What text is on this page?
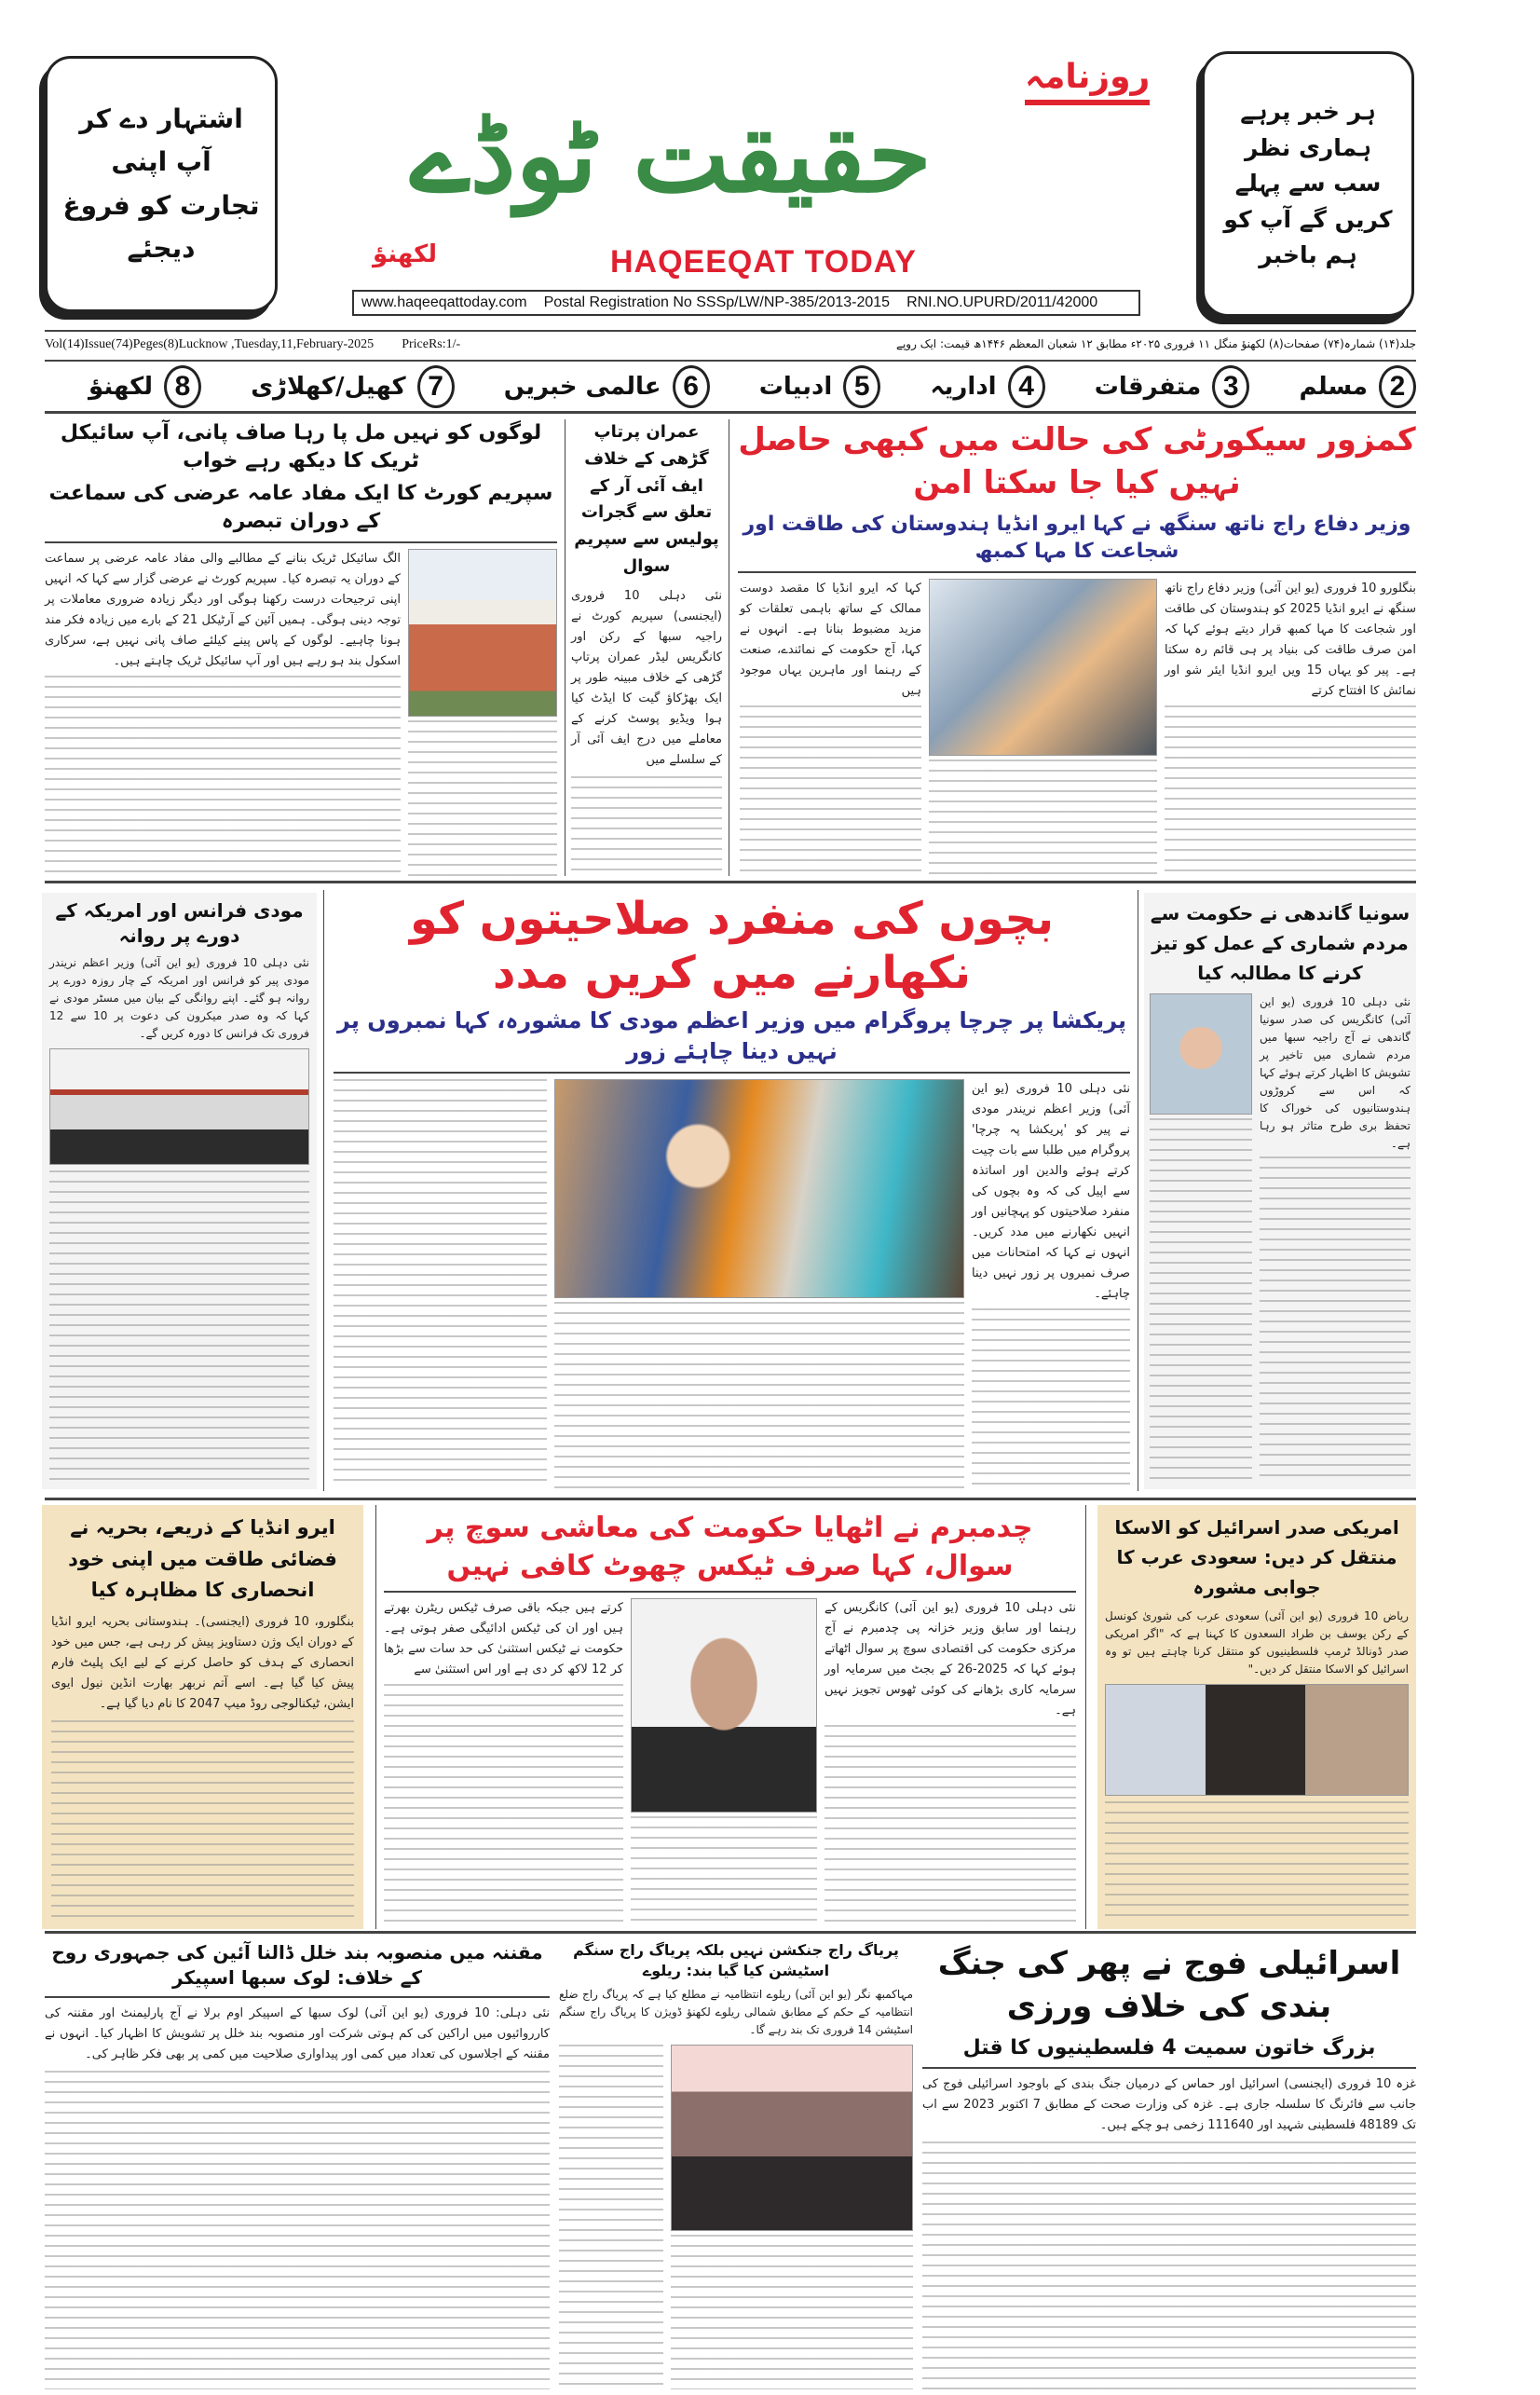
اشتہار دے کر
آپ اپنی
تجارت کو فروغ
دیجئے
روزنامہ
حقیقت ٹوڈے
لکھنؤ	HAQEEQAT TODAY
www.haqeeqattoday.com Postal Registration No SSSp/LW/NP-385/2013-2015 RNI.NO.UPURD/2011/42000
ہر خبر پرہے
ہماری نظر
سب سے پہلے
کریں گے آپ کو
ہم باخبر
Vol(14)Issue(74)Peges(8)Lucknow ,Tuesday,11,February-2025 PriceRs:1/-	جلد(۱۴) شمارہ(۷۴) صفحات(۸) لکھنؤ منگل ۱۱ فروری ۲۰۲۵ء مطابق ۱۲ شعبان المعظم ۱۴۴۶ھ قیمت: ایک روپے
2
مسلم
3
متفرقات
4
اداریہ
5
ادبیات
6
عالمی خبریں
7
کھیل/کھلاڑی
8
لکھنؤ
کمزور سیکورٹی کی حالت میں کبھی حاصل نہیں کیا جا سکتا امن
وزیر دفاع راج ناتھ سنگھ نے کہا ایرو انڈیا ہندوستان کی طاقت اور شجاعت کا مہا کمبھ
بنگلورو 10 فروری (یو این آئی) وزیر دفاع راج ناتھ سنگھ نے ایرو انڈیا 2025 کو ہندوستان کی طاقت اور شجاعت کا مہا کمبھ قرار دیتے ہوئے کہا کہ امن صرف طاقت کی بنیاد پر ہی قائم رہ سکتا ہے۔ پیر کو یہاں 15 ویں ایرو انڈیا ایئر شو اور نمائش کا افتتاح کرتے
کہا کہ ایرو انڈیا کا مقصد دوست ممالک کے ساتھ باہمی تعلقات کو مزید مضبوط بنانا ہے۔ انہوں نے کہا، آج حکومت کے نمائندے، صنعت کے رہنما اور ماہرین یہاں موجود ہیں
عمران پرتاپ گڑھی کے خلاف ایف آئی آر کے تعلق سے گجرات پولیس سے سپریم سوال
نئی دہلی 10 فروری (ایجنسی) سپریم کورٹ نے راجیہ سبھا کے رکن اور کانگریس لیڈر عمران پرتاپ گڑھی کے خلاف مبینہ طور پر ایک بھڑکاؤ گیت کا ایڈٹ کیا ہوا ویڈیو پوسٹ کرنے کے معاملے میں درج ایف آئی آر کے سلسلے میں
لوگوں کو نہیں مل پا رہا صاف پانی، آپ سائیکل ٹریک کا دیکھ رہے خواب
سپریم کورٹ کا ایک مفاد عامہ عرضی کی سماعت کے دوران تبصرہ
الگ سائیکل ٹریک بنانے کے مطالبے والی مفاد عامہ عرضی پر سماعت کے دوران یہ تبصرہ کیا۔ سپریم کورٹ نے عرضی گزار سے کہا کہ انہیں اپنی ترجیحات درست رکھنا ہوگی اور دیگر زیادہ ضروری معاملات پر توجہ دینی ہوگی۔ ہمیں آئین کے آرٹیکل 21 کے بارے میں زیادہ فکر مند ہونا چاہیے۔ لوگوں کے پاس پینے کیلئے صاف پانی نہیں ہے، سرکاری اسکول بند ہو رہے ہیں اور آپ سائیکل ٹریک چاہتے ہیں۔
مودی فرانس اور امریکہ کے دورے پر روانہ
نئی دہلی 10 فروری (یو این آئی) وزیر اعظم نریندر مودی پیر کو فرانس اور امریکہ کے چار روزہ دورے پر روانہ ہو گئے۔ اپنے روانگی کے بیان میں مسٹر مودی نے کہا کہ وہ صدر میکرون کی دعوت پر 10 سے 12 فروری تک فرانس کا دورہ کریں گے۔
بچوں کی منفرد صلاحیتوں کو نکھارنے میں کریں مدد
پریکشا پر چرچا پروگرام میں وزیر اعظم مودی کا مشورہ، کہا نمبروں پر نہیں دینا چاہئے زور
نئی دہلی 10 فروری (یو این آئی) وزیر اعظم نریندر مودی نے پیر کو 'پریکشا پہ چرچا' پروگرام میں طلبا سے بات چیت کرتے ہوئے والدین اور اساتذہ سے اپیل کی کہ وہ بچوں کی منفرد صلاحیتوں کو پہچانیں اور انہیں نکھارنے میں مدد کریں۔ انہوں نے کہا کہ امتحانات میں صرف نمبروں پر زور نہیں دینا چاہئے۔
سونیا گاندھی نے حکومت سے مردم شماری کے عمل کو تیز کرنے کا مطالبہ کیا
نئی دہلی 10 فروری (یو این آئی) کانگریس کی صدر سونیا گاندھی نے آج راجیہ سبھا میں مردم شماری میں تاخیر پر تشویش کا اظہار کرتے ہوئے کہا کہ اس سے کروڑوں ہندوستانیوں کی خوراک کا تحفظ بری طرح متاثر ہو رہا ہے۔
ایرو انڈیا کے ذریعے، بحریہ نے فضائی طاقت میں اپنی خود انحصاری کا مظاہرہ کیا
بنگلورو، 10 فروری (ایجنسی)۔ ہندوستانی بحریہ ایرو انڈیا کے دوران ایک وژن دستاویز پیش کر رہی ہے، جس میں خود انحصاری کے ہدف کو حاصل کرنے کے لیے ایک پلیٹ فارم پیش کیا گیا ہے۔ اسے آتم نربھر بھارت انڈین نیول ایوی ایشن، ٹیکنالوجی روڈ میپ 2047 کا نام دیا گیا ہے۔
چدمبرم نے اٹھایا حکومت کی معاشی سوچ پر سوال، کہا صرف ٹیکس چھوٹ کافی نہیں
نئی دہلی 10 فروری (یو این آئی) کانگریس کے رہنما اور سابق وزیر خزانہ پی چدمبرم نے آج مرکزی حکومت کی اقتصادی سوچ پر سوال اٹھاتے ہوئے کہا کہ 2025-26 کے بجٹ میں سرمایہ اور سرمایہ کاری بڑھانے کی کوئی ٹھوس تجویز نہیں ہے۔
کرتے ہیں جبکہ باقی صرف ٹیکس ریٹرن بھرتے ہیں اور ان کی ٹیکس ادائیگی صفر ہوتی ہے۔ حکومت نے ٹیکس استثنیٰ کی حد سات سے بڑھا کر 12 لاکھ کر دی ہے اور اس استثنیٰ سے
امریکی صدر اسرائیل کو الاسکا منتقل کر دیں: سعودی عرب کا جوابی مشورہ
ریاض 10 فروری (یو این آئی) سعودی عرب کی شوریٰ کونسل کے رکن یوسف بن طراد السعدون کا کہنا ہے کہ "اگر امریکی صدر ڈونالڈ ٹرمپ فلسطینیوں کو منتقل کرنا چاہتے ہیں تو وہ اسرائیل کو الاسکا منتقل کر دیں۔"
مقننہ میں منصوبہ بند خلل ڈالنا آئین کی جمہوری روح کے خلاف: لوک سبھا اسپیکر
نئی دہلی: 10 فروری (یو این آئی) لوک سبھا کے اسپیکر اوم برلا نے آج پارلیمنٹ اور مقننہ کی کارروائیوں میں اراکین کی کم ہوتی شرکت اور منصوبہ بند خلل پر تشویش کا اظہار کیا۔ انہوں نے مقننہ کے اجلاسوں کی تعداد میں کمی اور پیداواری صلاحیت میں کمی پر بھی فکر ظاہر کی۔
پریاگ راج جنکشن نہیں بلکہ پریاگ راج سنگم اسٹیشن کیا گیا بند: ریلوے
مہاکمبھ نگر (یو این آئی) ریلوے انتظامیہ نے مطلع کیا ہے کہ پریاگ راج ضلع انتظامیہ کے حکم کے مطابق شمالی ریلوے لکھنؤ ڈویژن کا پریاگ راج سنگم اسٹیشن 14 فروری تک بند رہے گا۔
اسرائیلی فوج نے پھر کی جنگ بندی کی خلاف ورزی
بزرگ خاتون سمیت 4 فلسطینیوں کا قتل
غزہ 10 فروری (ایجنسی) اسرائیل اور حماس کے درمیان جنگ بندی کے باوجود اسرائیلی فوج کی جانب سے فائرنگ کا سلسلہ جاری ہے۔ غزہ کی وزارت صحت کے مطابق 7 اکتوبر 2023 سے اب تک 48189 فلسطینی شہید اور 111640 زخمی ہو چکے ہیں۔
